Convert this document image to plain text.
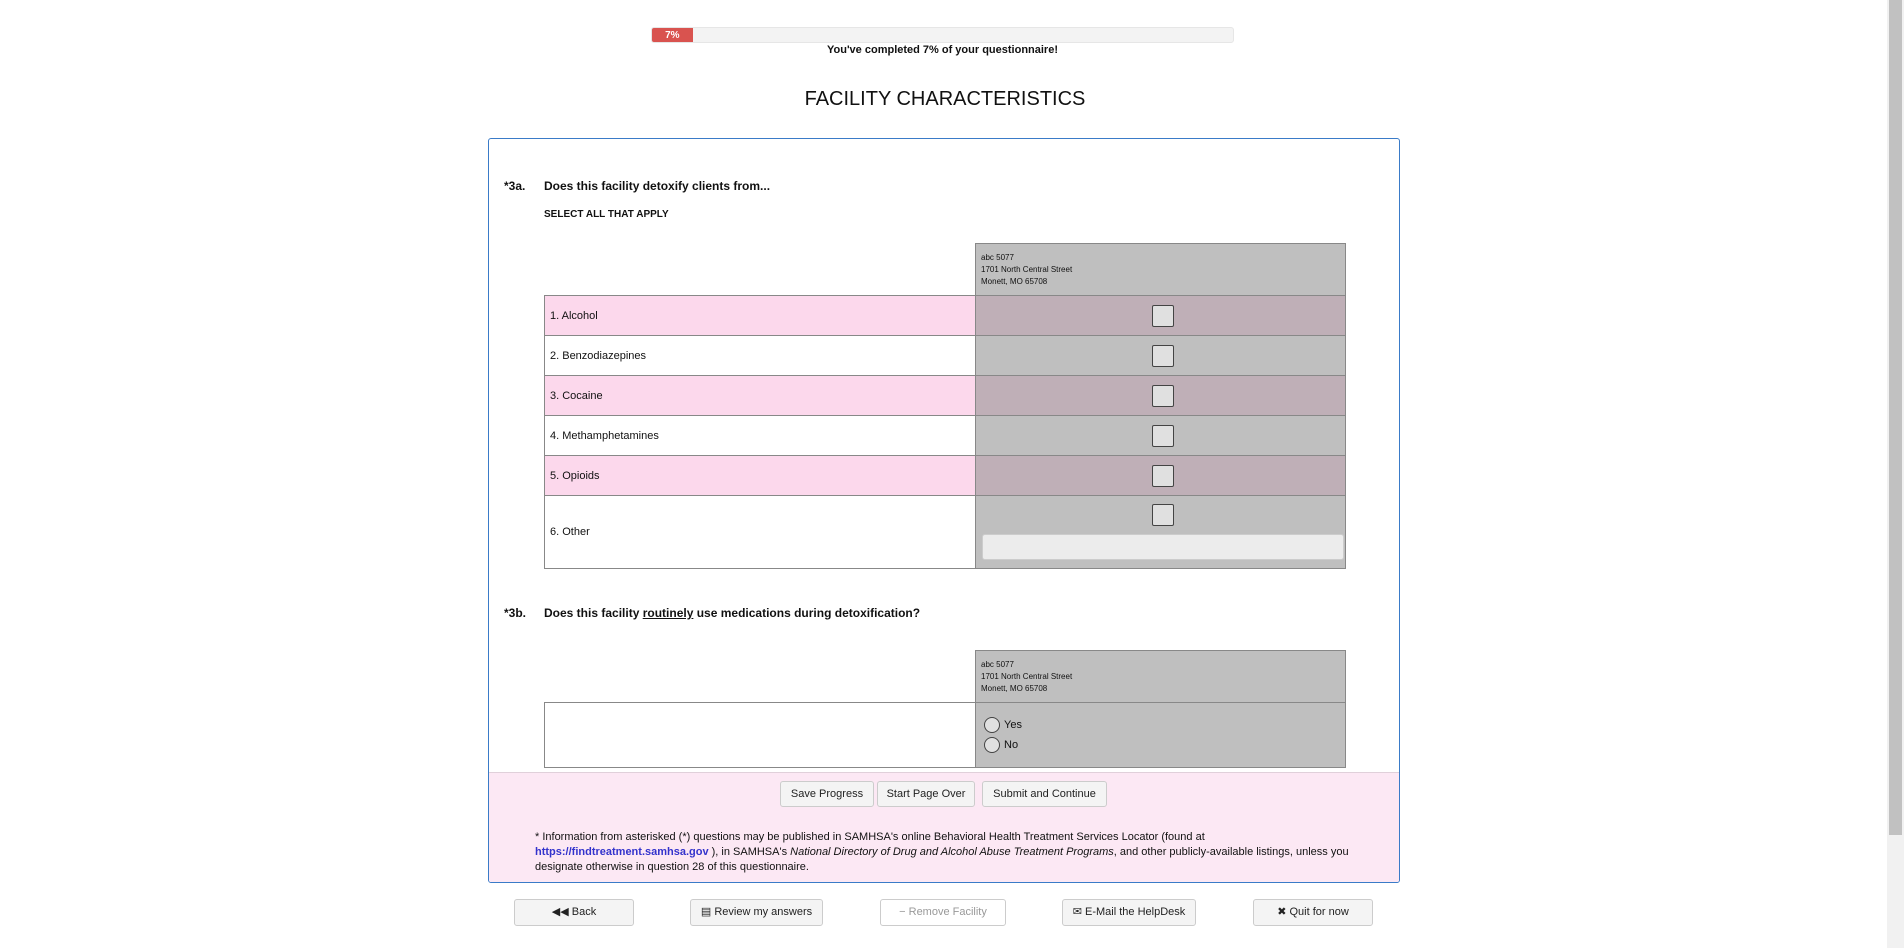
7%
You've completed 7% of your questionnaire!
FACILITY CHARACTERISTICS
*3a. Does this facility detoxify clients from...
SELECT ALL THAT APPLY

	abc 5077
1701 North Central Street
Monett, MO 65708

1. Alcohol	
2. Benzodiazepines	
3. Cocaine	
4. Methamphetamines	
5. Opioids	
6. Other	
*3b. Does this facility routinely use medications during detoxification?

	abc 5077
1701 North Central Street
Monett, MO 65708

	Yes
No
Save Progress	Start Page Over	Submit and Continue
* Information from asterisked (*) questions may be published in SAMHSA's online Behavioral Health Treatment Services Locator (found at https://findtreatment.samhsa.gov ), in SAMHSA's National Directory of Drug and Alcohol Abuse Treatment Programs, and other publicly-available listings, unless you designate otherwise in question 28 of this questionnaire.
◀◀ Back	▤ Review my answers	− Remove Facility	✉ E-Mail the HelpDesk	✖ Quit for now
